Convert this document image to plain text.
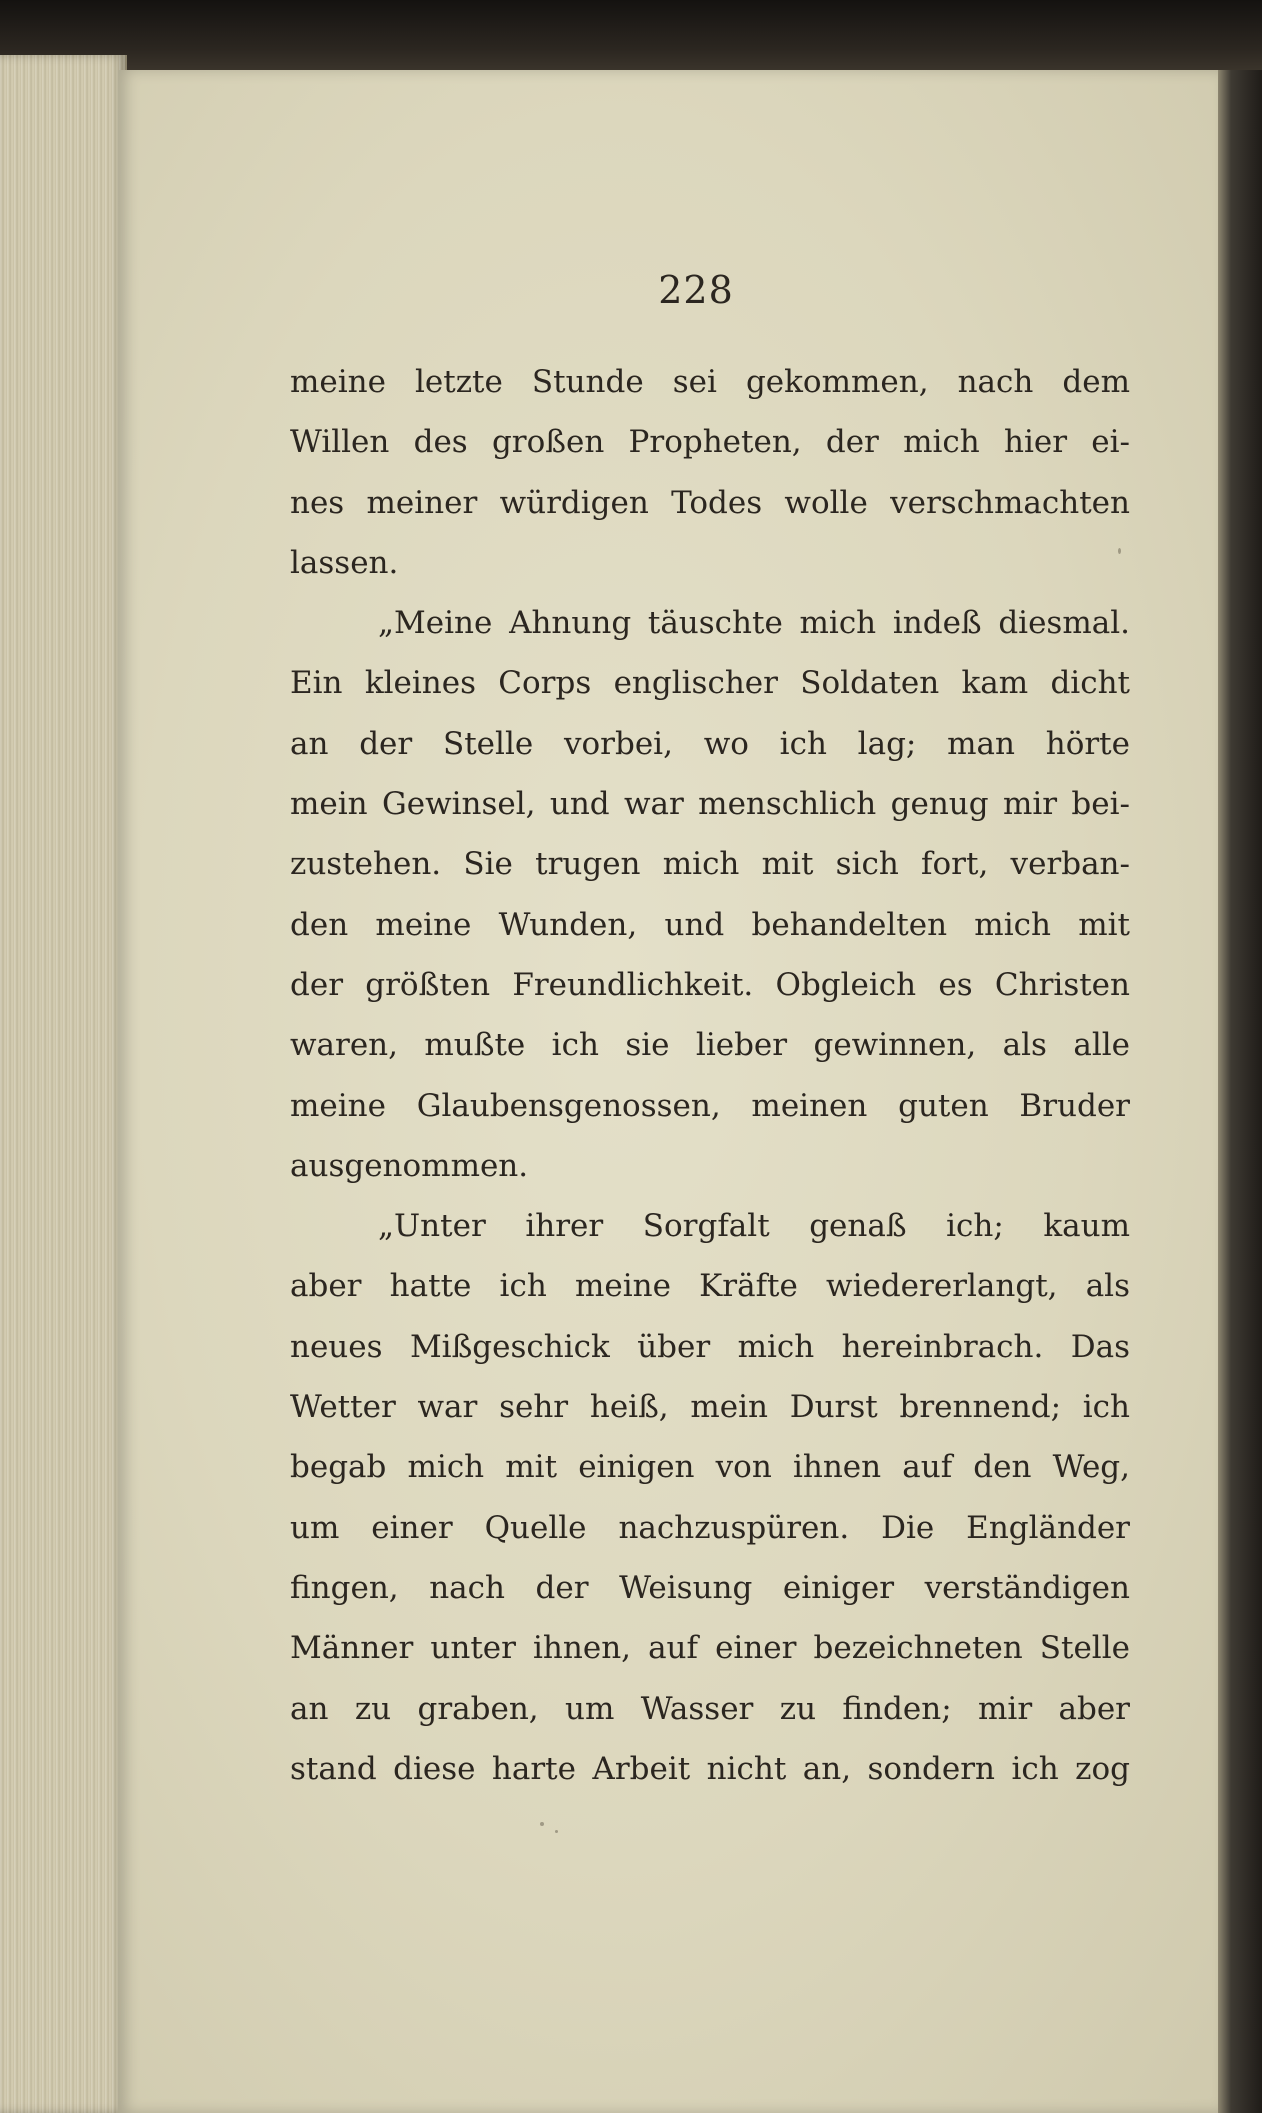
228
meine letzte Stunde sei gekommen, nach dem
Willen des großen Propheten, der mich hier ei-
nes meiner würdigen Todes wolle verschmachten
lassen.
„Meine Ahnung täuschte mich indeß diesmal.
Ein kleines Corps englischer Soldaten kam dicht
an der Stelle vorbei, wo ich lag; man hörte
mein Gewinsel, und war menschlich genug mir bei-
zustehen. Sie trugen mich mit sich fort, verban-
den meine Wunden, und behandelten mich mit
der größten Freundlichkeit. Obgleich es Christen
waren, mußte ich sie lieber gewinnen, als alle
meine Glaubensgenossen, meinen guten Bruder
ausgenommen.
„Unter ihrer Sorgfalt genaß ich; kaum
aber hatte ich meine Kräfte wiedererlangt, als
neues Mißgeschick über mich hereinbrach. Das
Wetter war sehr heiß, mein Durst brennend; ich
begab mich mit einigen von ihnen auf den Weg,
um einer Quelle nachzuspüren. Die Engländer
fingen, nach der Weisung einiger verständigen
Männer unter ihnen, auf einer bezeichneten Stelle
an zu graben, um Wasser zu finden; mir aber
stand diese harte Arbeit nicht an, sondern ich zog
